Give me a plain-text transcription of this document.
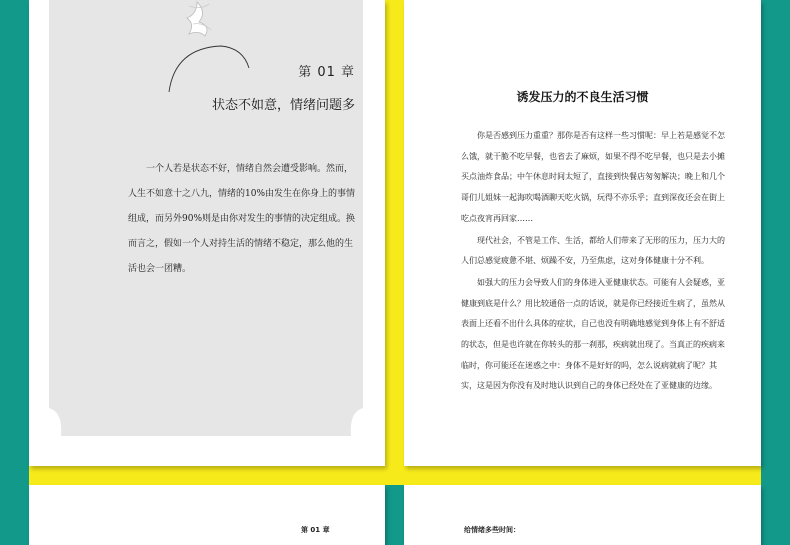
第 01 章
状态不如意，情绪问题多

一个人若是状态不好，情绪自然会遭受影响。然而，人生不如意十之八九，情绪的10%由发生在你身上的事情组成，而另外90%则是由你对发生的事情的决定组成。换而言之，假如一个人对持生活的情绪不稳定，那么他的生活也会一团糟。

诱发压力的不良生活习惯

你是否感到压力重重？那你是否有这样一些习惯呢：早上若是感觉不怎么饿，就干脆不吃早餐，也省去了麻烦，如果不得不吃早餐，也只是去小摊买点油炸食品；中午休息时间太短了，直接到快餐店匆匆解决；晚上和几个哥们儿姐妹一起海吹喝酒聊天吃火锅，玩得不亦乐乎；直到深夜还会在街上吃点夜宵再回家……

现代社会，不管是工作、生活，都给人们带来了无形的压力，压力大的人们总感觉疲惫不堪、烦躁不安，乃至焦虑，这对身体健康十分不利。

如强大的压力会导致人们的身体进入亚健康状态。可能有人会疑惑，亚健康到底是什么？用比较通俗一点的话说，就是你已经接近生病了，虽然从表面上还看不出什么具体的症状，自己也没有明确地感觉到身体上有不舒适的状态，但是也许就在你转头的那一刹那，疾病就出现了。当真正的疾病来临时，你可能还在迷惑之中：身体不是好好的吗，怎么说病就病了呢？其实，这是因为你没有及时地认识到自己的身体已经处在了亚健康的边缘。

第 01 章	给情绪多些时间：
